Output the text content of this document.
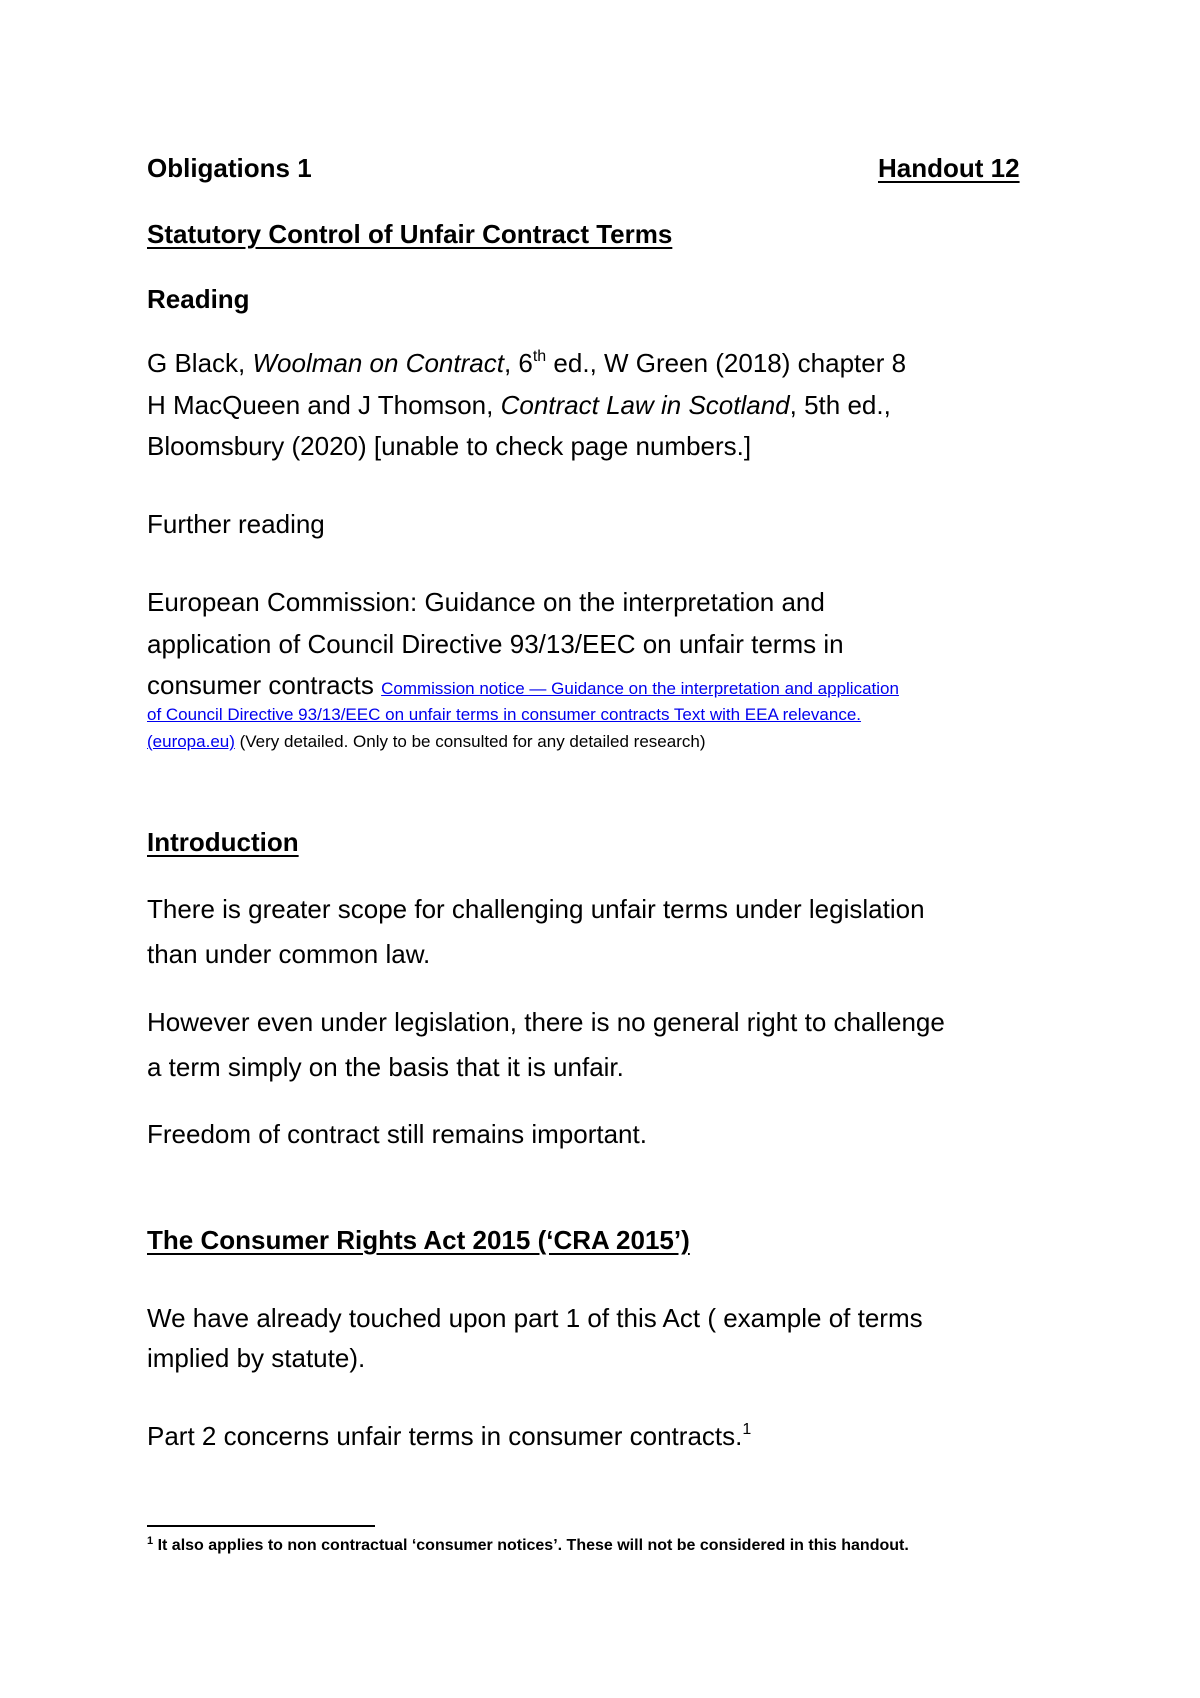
Obligations 1	Handout 12
Statutory Control of Unfair Contract Terms
Reading
G Black, Woolman on Contract, 6th ed., W Green (2018) chapter 8
H MacQueen and J Thomson, Contract Law in Scotland, 5th ed.,
Bloomsbury (2020) [unable to check page numbers.]
Further reading
European Commission: Guidance on the interpretation and
application of Council Directive 93/13/EEC on unfair terms in
consumer contracts Commission notice — Guidance on the interpretation and application
of Council Directive 93/13/EEC on unfair terms in consumer contracts Text with EEA relevance.
(europa.eu) (Very detailed. Only to be consulted for any detailed research)
Introduction
There is greater scope for challenging unfair terms under legislation
than under common law.
However even under legislation, there is no general right to challenge
a term simply on the basis that it is unfair.
Freedom of contract still remains important.
The Consumer Rights Act 2015 (‘CRA 2015’)
We have already touched upon part 1 of this Act ( example of terms
implied by statute).
Part 2 concerns unfair terms in consumer contracts.$^1$
$^1$ It also applies to non contractual ‘consumer notices’. These will not be considered in this handout.
